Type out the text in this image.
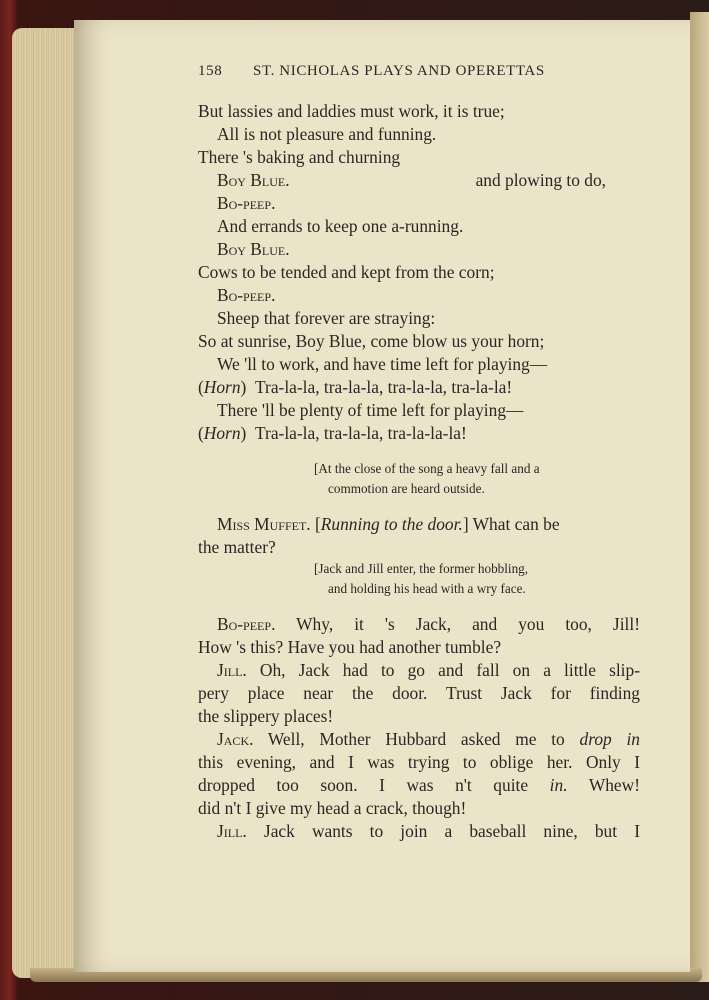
158 ST. NICHOLAS PLAYS AND OPERETTAS
But lassies and laddies must work, it is true;
All is not pleasure and funning.
There 's baking and churning
Boy Blue.	and plowing to do,
Bo-peep.
And errands to keep one a-running.
Boy Blue.
Cows to be tended and kept from the corn;
Bo-peep.
Sheep that forever are straying:
So at sunrise, Boy Blue, come blow us your horn;
We 'll to work, and have time left for playing—
(Horn)  Tra-la-la, tra-la-la, tra-la-la, tra-la-la!
There 'll be plenty of time left for playing—
(Horn)  Tra-la-la, tra-la-la, tra-la-la-la!
[At the close of the song a heavy fall and a
commotion are heard outside.
Miss Muffet. [Running to the door.] What can be
the matter?
[Jack and Jill enter, the former hobbling,
and holding his head with a wry face.
Bo-peep. Why, it 's Jack, and you too, Jill!
How 's this? Have you had another tumble?
Jill. Oh, Jack had to go and fall on a little slip-
pery place near the door. Trust Jack for finding
the slippery places!
Jack. Well, Mother Hubbard asked me to drop in
this evening, and I was trying to oblige her. Only I
dropped too soon. I was n't quite in. Whew!
did n't I give my head a crack, though!
Jill. Jack wants to join a baseball nine, but I
